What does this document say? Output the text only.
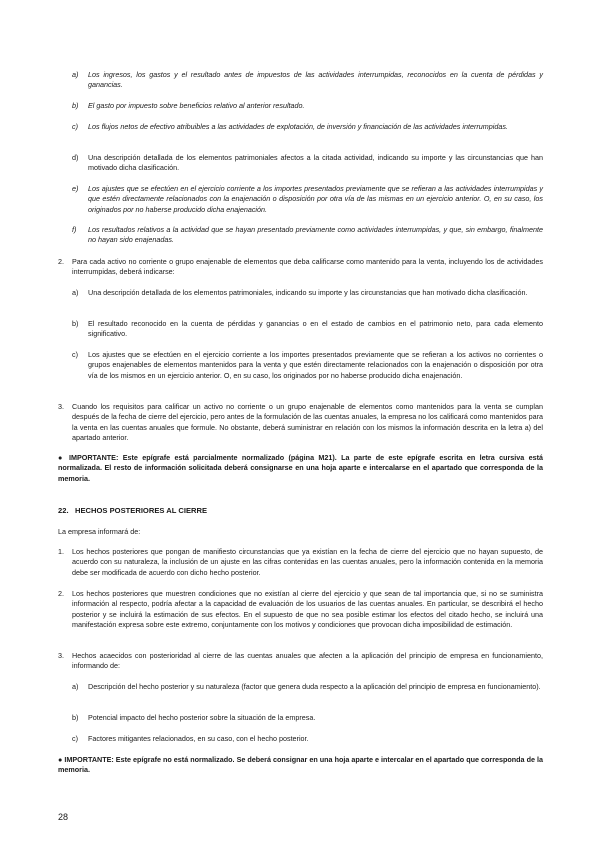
a) Los ingresos, los gastos y el resultado antes de impuestos de las actividades interrumpidas, reconocidos en la cuenta de pérdidas y ganancias.
b) El gasto por impuesto sobre beneficios relativo al anterior resultado.
c) Los flujos netos de efectivo atribuibles a las actividades de explotación, de inversión y financiación de las actividades interrumpidas.
d) Una descripción detallada de los elementos patrimoniales afectos a la citada actividad, indicando su importe y las circunstancias que han motivado dicha clasificación.
e) Los ajustes que se efectúen en el ejercicio corriente a los importes presentados previamente que se refieran a las actividades interrumpidas y que estén directamente relacionados con la enajenación o disposición por otra vía de las mismas en un ejercicio anterior. O, en su caso, los originados por no haberse producido dicha enajenación.
f) Los resultados relativos a la actividad que se hayan presentado previamente como actividades interrumpidas, y que, sin embargo, finalmente no hayan sido enajenadas.
2. Para cada activo no corriente o grupo enajenable de elementos que deba calificarse como mantenido para la venta, incluyendo los de actividades interrumpidas, deberá indicarse:
a) Una descripción detallada de los elementos patrimoniales, indicando su importe y las circunstancias que han motivado dicha clasificación.
b) El resultado reconocido en la cuenta de pérdidas y ganancias o en el estado de cambios en el patrimonio neto, para cada elemento significativo.
c) Los ajustes que se efectúen en el ejercicio corriente a los importes presentados previamente que se refieran a los activos no corrientes o grupos enajenables de elementos mantenidos para la venta y que estén directamente relacionados con la enajenación o disposición por otra vía de los mismos en un ejercicio anterior. O, en su caso, los originados por no haberse producido dicha enajenación.
3. Cuando los requisitos para calificar un activo no corriente o un grupo enajenable de elementos como mantenidos para la venta se cumplan después de la fecha de cierre del ejercicio, pero antes de la formulación de las cuentas anuales, la empresa no los calificará como mantenidos para la venta en las cuentas anuales que formule. No obstante, deberá suministrar en relación con los mismos la información descrita en la letra a) del apartado anterior.
● IMPORTANTE: Este epígrafe está parcialmente normalizado (página M21). La parte de este epígrafe escrita en letra cursiva está normalizada. El resto de información solicitada deberá consignarse en una hoja aparte e intercalarse en el apartado que corresponda de la memoria.
22. HECHOS POSTERIORES AL CIERRE
La empresa informará de:
1. Los hechos posteriores que pongan de manifiesto circunstancias que ya existían en la fecha de cierre del ejercicio que no hayan supuesto, de acuerdo con su naturaleza, la inclusión de un ajuste en las cifras contenidas en las cuentas anuales, pero la información contenida en la memoria debe ser modificada de acuerdo con dicho hecho posterior.
2. Los hechos posteriores que muestren condiciones que no existían al cierre del ejercicio y que sean de tal importancia que, si no se suministra información al respecto, podría afectar a la capacidad de evaluación de los usuarios de las cuentas anuales. En particular, se describirá el hecho posterior y se incluirá la estimación de sus efectos. En el supuesto de que no sea posible estimar los efectos del citado hecho, se incluirá una manifestación expresa sobre este extremo, conjuntamente con los motivos y condiciones que provocan dicha imposibilidad de estimación.
3. Hechos acaecidos con posterioridad al cierre de las cuentas anuales que afecten a la aplicación del principio de empresa en funcionamiento, informando de:
a) Descripción del hecho posterior y su naturaleza (factor que genera duda respecto a la aplicación del principio de empresa en funcionamiento).
b) Potencial impacto del hecho posterior sobre la situación de la empresa.
c) Factores mitigantes relacionados, en su caso, con el hecho posterior.
● IMPORTANTE: Este epígrafe no está normalizado. Se deberá consignar en una hoja aparte e intercalar en el apartado que corresponda de la memoria.
28
